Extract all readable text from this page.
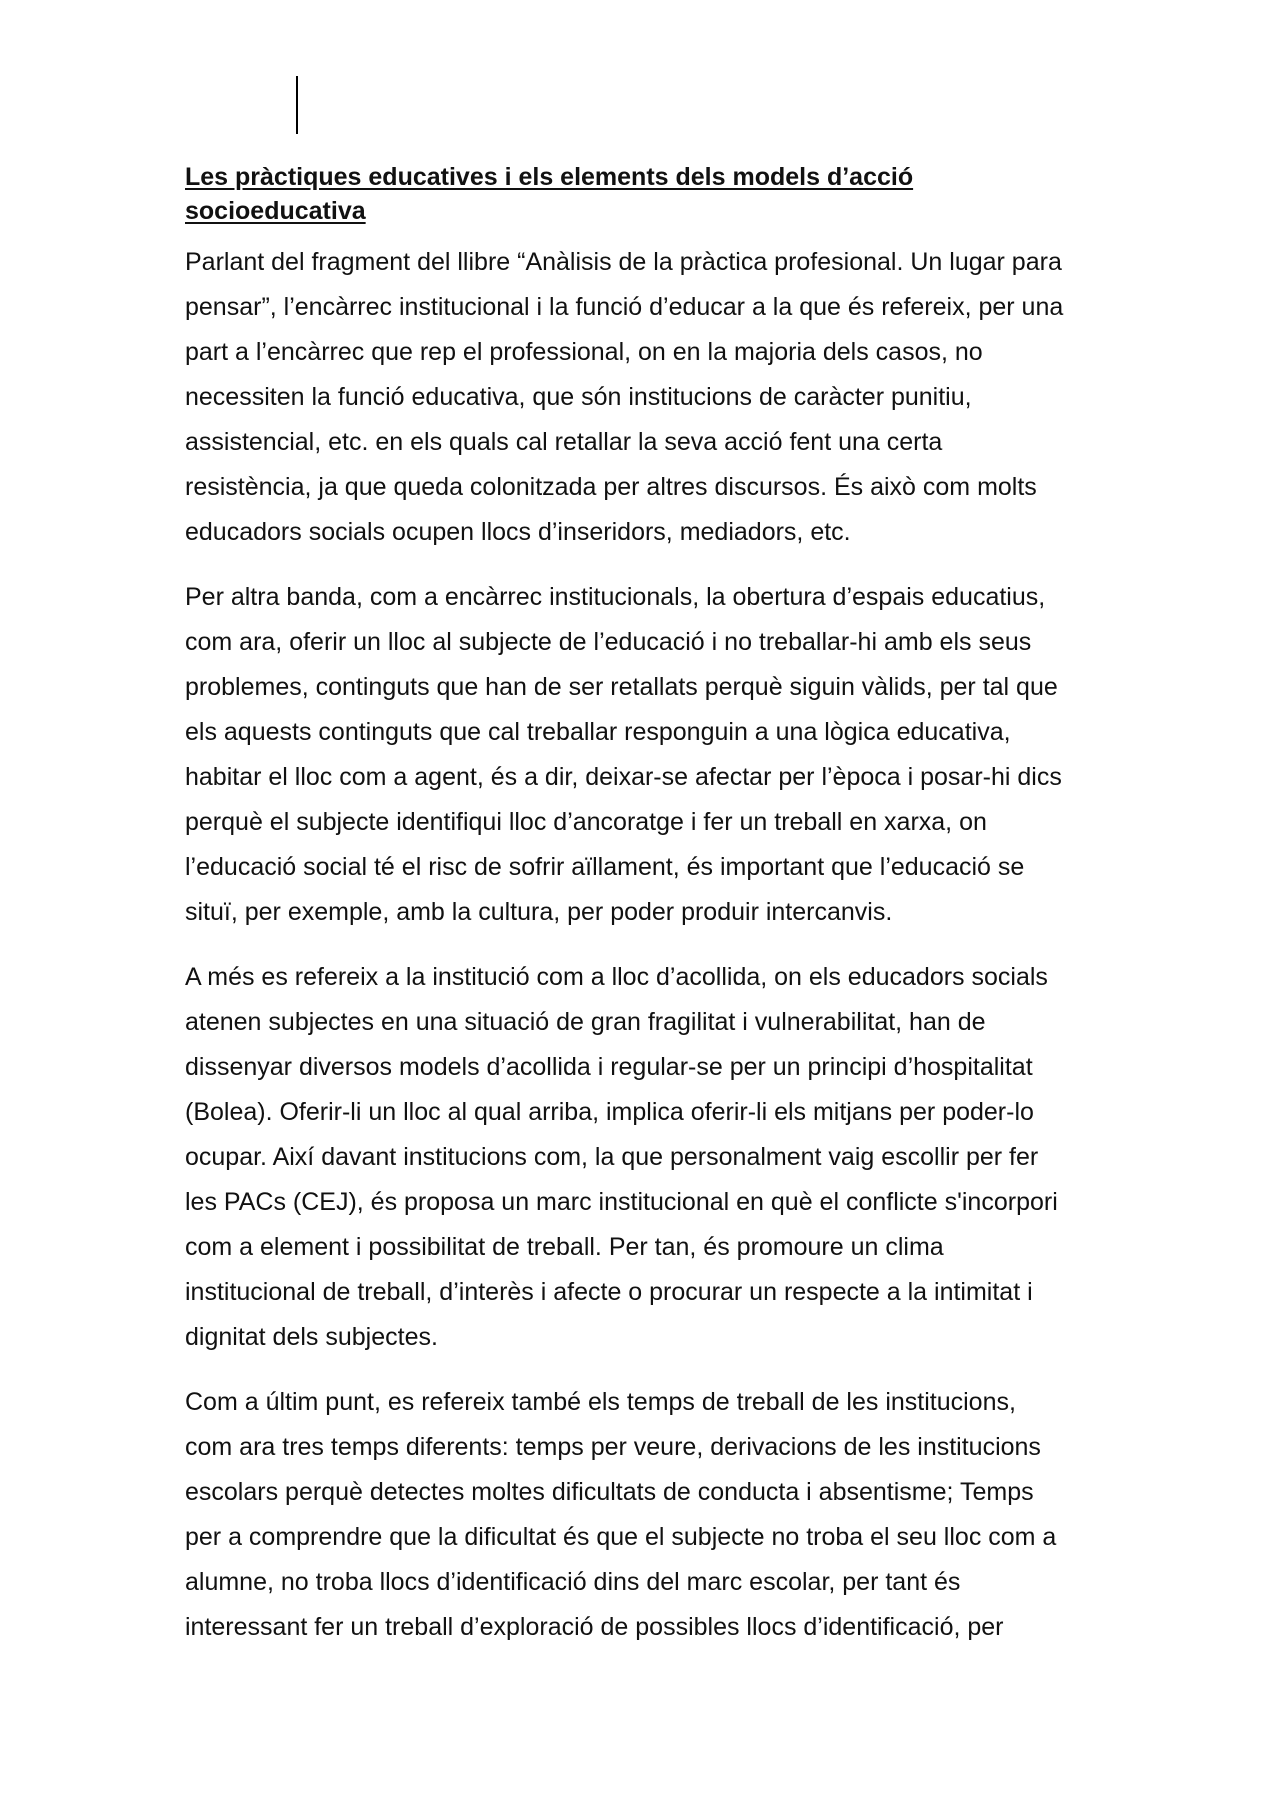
Les pràctiques educatives i els elements dels models d’acció
socioeducativa

Parlant del fragment del llibre “Anàlisis de la pràctica profesional. Un lugar para
pensar”, l’encàrrec institucional i la funció d’educar a la que és refereix, per una
part a l’encàrrec que rep el professional, on en la majoria dels casos, no
necessiten la funció educativa, que són institucions de caràcter punitiu,
assistencial, etc. en els quals cal retallar la seva acció fent una certa
resistència, ja que queda colonitzada per altres discursos. És això com molts
educadors socials ocupen llocs d’inseridors, mediadors, etc.

Per altra banda, com a encàrrec institucionals, la obertura d’espais educatius,
com ara, oferir un lloc al subjecte de l’educació i no treballar-hi amb els seus
problemes, continguts que han de ser retallats perquè siguin vàlids, per tal que
els aquests continguts que cal treballar responguin a una lògica educativa,
habitar el lloc com a agent, és a dir, deixar-se afectar per l’època i posar-hi dics
perquè el subjecte identifiqui lloc d’ancoratge i fer un treball en xarxa, on
l’educació social té el risc de sofrir aïllament, és important que l’educació se
situï, per exemple, amb la cultura, per poder produir intercanvis.

A més es refereix a la institució com a lloc d’acollida, on els educadors socials
atenen subjectes en una situació de gran fragilitat i vulnerabilitat, han de
dissenyar diversos models d’acollida i regular-se per un principi d’hospitalitat
(Bolea). Oferir-li un lloc al qual arriba, implica oferir-li els mitjans per poder-lo
ocupar. Així davant institucions com, la que personalment vaig escollir per fer
les PACs (CEJ), és proposa un marc institucional en què el conflicte s'incorpori
com a element i possibilitat de treball. Per tan, és promoure un clima
institucional de treball, d’interès i afecte o procurar un respecte a la intimitat i
dignitat dels subjectes.

Com a últim punt, es refereix també els temps de treball de les institucions,
com ara tres temps diferents: temps per veure, derivacions de les institucions
escolars perquè detectes moltes dificultats de conducta i absentisme; Temps
per a comprendre que la dificultat és que el subjecte no troba el seu lloc com a
alumne, no troba llocs d’identificació dins del marc escolar, per tant és
interessant fer un treball d’exploració de possibles llocs d’identificació, per
